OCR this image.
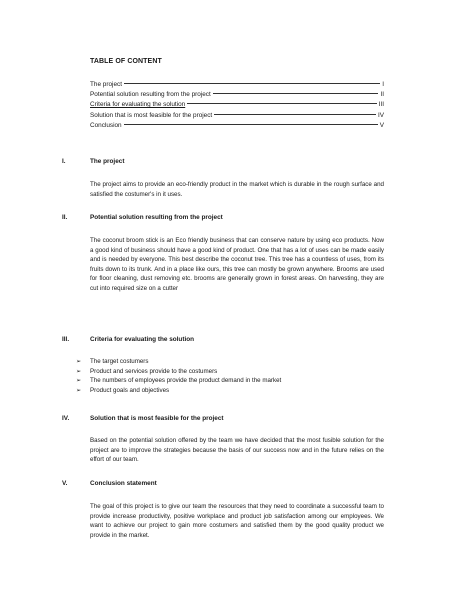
TABLE OF CONTENT
The project	I
Potential solution resulting from the project	II
Criteria for evaluating the solution	III
Solution that is most feasible for the project	IV
Conclusion	V
I.	The project
The project aims to provide an eco-friendly product in the market which is durable in the rough surface and satisfied the costumer's in it uses.
II.	Potential solution resulting from the project
The coconut broom stick is an Eco friendly business that can conserve nature by using eco products. Now a good kind of business should have a good kind of product. One that has a lot of uses can be made easily and is needed by everyone. This best describe the coconut tree. This tree has a countless of uses, from its fruits down to its trunk. And in a place like ours, this tree can mostly be grown anywhere. Brooms are used for floor cleaning, dust removing etc. brooms are generally grown in forest areas. On harvesting, they are cut into required size on a cutter
III.	Criteria for evaluating the solution
➢	The target costumers
➢	Product and services provide to the costumers
➢	The numbers of employees provide the product demand in the market
➢	Product goals and objectives
IV.	Solution that is most feasible for the project
Based on the potential solution offered by the team we have decided that the most fusible solution for the project are to improve the strategies because the basis of our success now and in the future relies on the effort of our team.
V.	Conclusion statement
The goal of this project is to give our team the resources that they need to coordinate a successful team to provide increase productivity, positive workplace and product job satisfaction among our employees. We want to achieve our project to gain more costumers and satisfied them by the good quality product we provide in the market.
